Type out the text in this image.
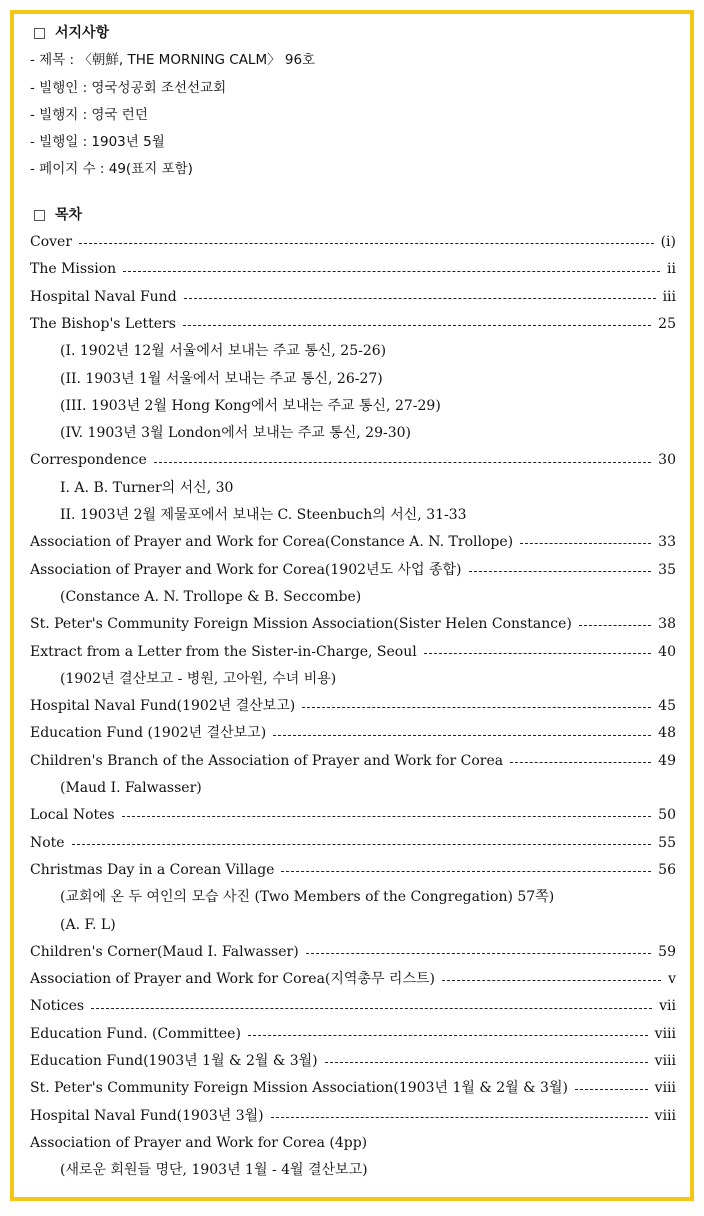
서지사항
- 제목 : 〈朝鮮, THE MORNING CALM〉 96호
- 빌행인 : 영국성공회 조선선교회
- 빌행지 : 영국 런던
- 빌행일 : 1903년 5월
- 페이지 수 : 49(표지 포함)
목차
Cover	(i)
The Mission	ii
Hospital Naval Fund	iii
The Bishop's Letters	25
(I. 1902년 12월 서울에서 보내는 주교 통신, 25-26)
(II. 1903년 1월 서울에서 보내는 주교 통신, 26-27)
(III. 1903년 2월 Hong Kong에서 보내는 주교 통신, 27-29)
(IV. 1903년 3월 London에서 보내는 주교 통신, 29-30)
Correspondence	30
I. A. B. Turner의 서신, 30
II. 1903년 2월 제물포에서 보내는 C. Steenbuch의 서신, 31-33
Association of Prayer and Work for Corea(Constance A. N. Trollope)	33
Association of Prayer and Work for Corea(1902년도 사업 종합)	35
(Constance A. N. Trollope & B. Seccombe)
St. Peter's Community Foreign Mission Association(Sister Helen Constance)	38
Extract from a Letter from the Sister-in-Charge, Seoul	40
(1902년 결산보고 - 병원, 고아원, 수녀 비용)
Hospital Naval Fund(1902년 결산보고)	45
Education Fund (1902년 결산보고)	48
Children's Branch of the Association of Prayer and Work for Corea	49
(Maud I. Falwasser)
Local Notes	50
Note	55
Christmas Day in a Corean Village	56
(교회에 온 두 여인의 모습 사진 (Two Members of the Congregation) 57쪽)
(A. F. L)
Children's Corner(Maud I. Falwasser)	59
Association of Prayer and Work for Corea(지역총무 리스트)	v
Notices	vii
Education Fund. (Committee)	viii
Education Fund(1903년 1월 & 2월 & 3월)	viii
St. Peter's Community Foreign Mission Association(1903년 1월 & 2월 & 3월)	viii
Hospital Naval Fund(1903년 3월)	viii
Association of Prayer and Work for Corea (4pp)
(새로운 회원들 명단, 1903년 1월 - 4월 결산보고)
